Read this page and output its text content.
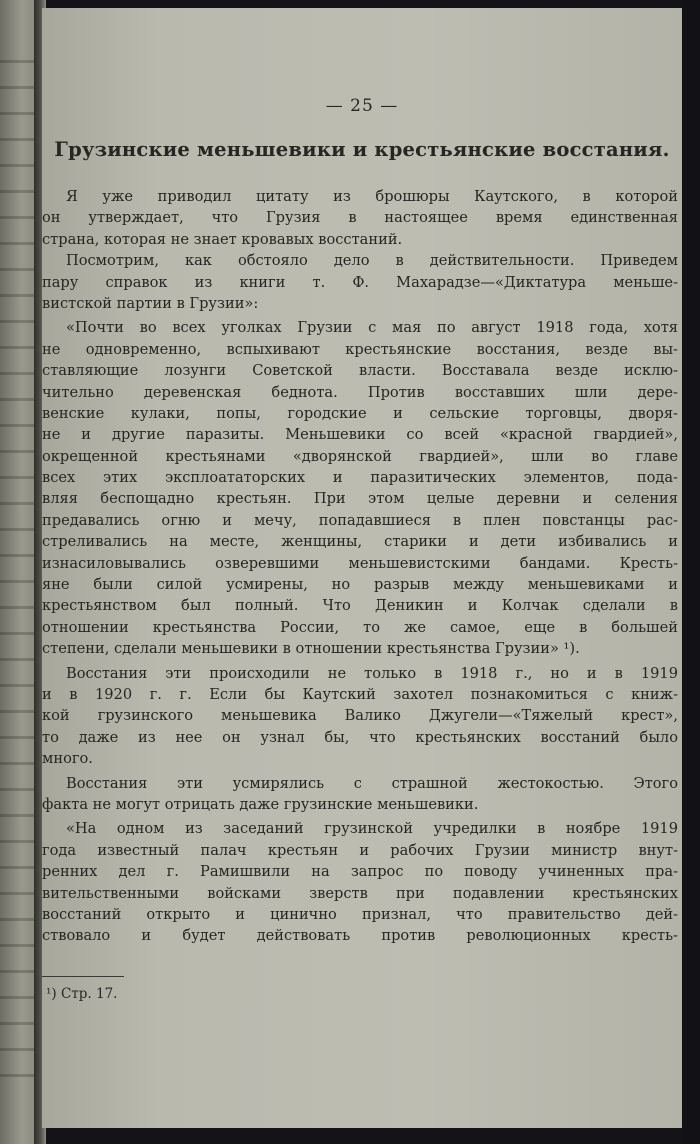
— 25 —
Грузинские меньшевики и крестьянские восстания.
Я уже приводил цитату из брошюры Каутского, в которой
он утверждает, что Грузия в настоящее время единственная
страна, которая не знает кровавых восстаний.
Посмотрим, как обстояло дело в действительности. Приведем
пару справок из книги т. Ф. Махарадзе—«Диктатура меньше-
вистской партии в Грузии»:
«Почти во всех уголках Грузии с мая по август 1918 года, хотя
не одновременно, вспыхивают крестьянские восстания, везде вы-
ставляющие лозунги Советской власти. Восставала везде исклю-
чительно деревенская беднота. Против восставших шли дере-
венские кулаки, попы, городские и сельские торговцы, дворя-
не и другие паразиты. Меньшевики со всей «красной гвардией»,
окрещенной крестьянами «дворянской гвардией», шли во главе
всех этих эксплоататорских и паразитических элементов, пода-
вляя беспощадно крестьян. При этом целые деревни и селения
предавались огню и мечу, попадавшиеся в плен повстанцы рас-
стреливались на месте, женщины, старики и дети избивались и
изнасиловывались озверевшими меньшевистскими бандами. Кресть-
яне были силой усмирены, но разрыв между меньшевиками и
крестьянством был полный. Что Деникин и Колчак сделали в
отношении крестьянства России, то же самое, еще в большей
степени, сделали меньшевики в отношении крестьянства Грузии» ¹).
Восстания эти происходили не только в 1918 г., но и в 1919
и в 1920 г. г. Если бы Каутский захотел познакомиться с книж-
кой грузинского меньшевика Валико Джугели—«Тяжелый крест»,
то даже из нее он узнал бы, что крестьянских восстаний было
много.
Восстания эти усмирялись с страшной жестокостью. Этого
факта не могут отрицать даже грузинские меньшевики.
«На одном из заседаний грузинской учредилки в ноябре 1919
года известный палач крестьян и рабочих Грузии министр внут-
ренних дел г. Рамишвили на запрос по поводу учиненных пра-
вительственными войсками зверств при подавлении крестьянских
восстаний открыто и цинично признал, что правительство дей-
ствовало и будет действовать против революционных кресть-
¹) Стр. 17.
